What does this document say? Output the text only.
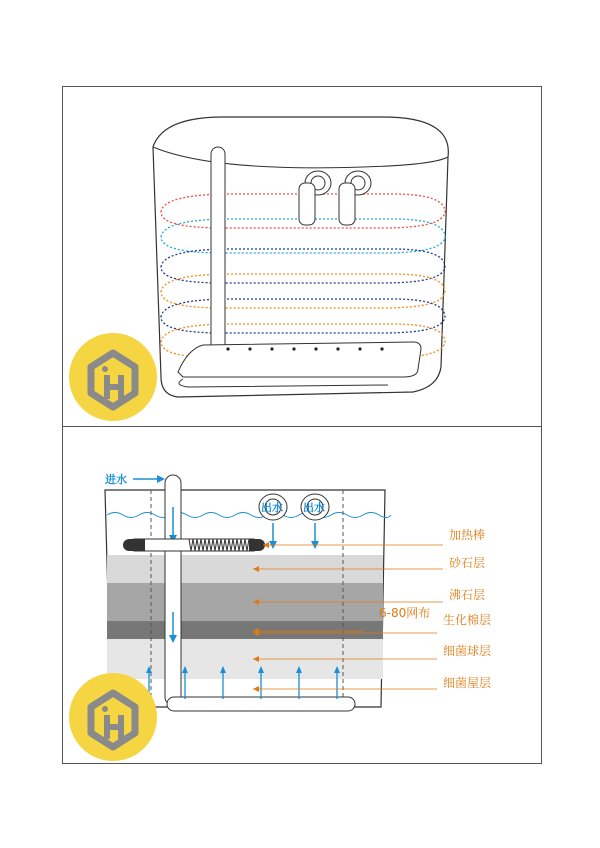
出水 出水
进水
加热棒
砂石层
沸石层
6-80网布 生化棉层
细菌球层
细菌屋层
